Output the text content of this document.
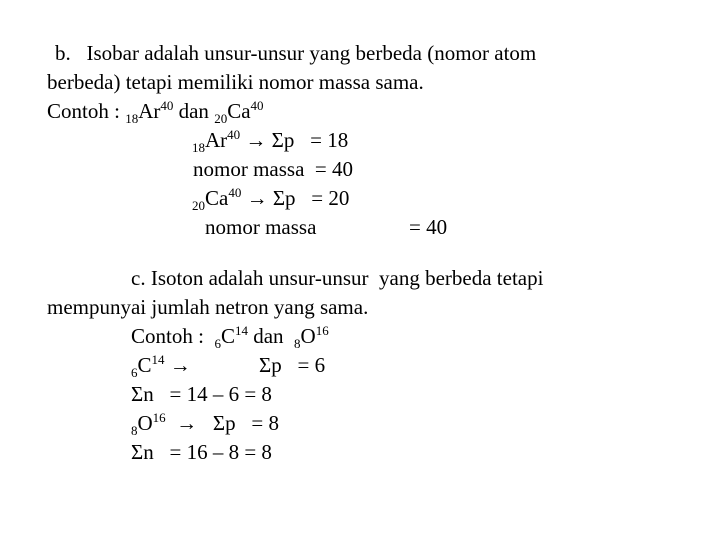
b.   Isobar adalah unsur-unsur yang berbeda (nomor atom
berbeda) tetapi memiliki nomor massa sama.
Contoh : $_{18}Ar^{40}$ dan $_{20}Ca^{40}$
$_{18}Ar^{40} \to \Sigma p = 18$
nomor massa  = 40
$_{20}Ca^{40} \to \Sigma p = 20$
nomor massa	= 40
c. Isoton adalah unsur-unsur  yang berbeda tetapi
mempunyai jumlah netron yang sama.
Contoh :  $_6C^{14}$ dan  $_8O^{16}$
$_6C^{14}$ →             Σp   = 6
Σn   = 14 – 6 = 8
$_8O^{16} \to \Sigma p = 8$
Σn   = 16 – 8 = 8
